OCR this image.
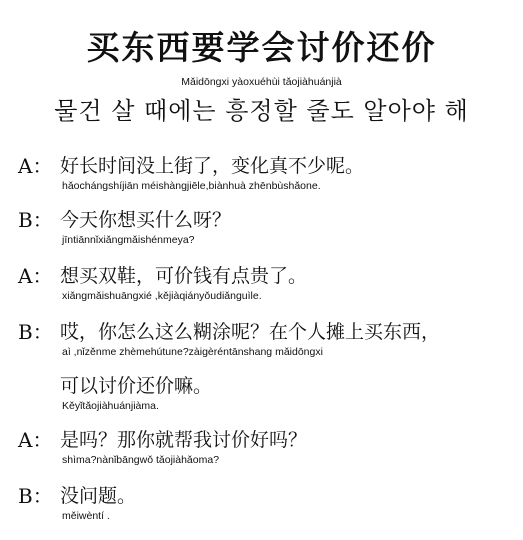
买东西要学会讨价还价
Mǎidōngxi yàoxuéhùi tǎojiàhuánjià
물건 살 때에는 흥정할 줄도 알아야 해
A： 好长时间没上街了，变化真不少呢。
hǎochángshíjiān méishàngjiēle,biànhuà zhēnbùshǎone.
B： 今天你想买什么呀？
jīntiānnǐxiǎngmǎishénmeya?
A： 想买双鞋，可价钱有点贵了。
xiǎngmǎishuāngxié ,kějiàqiányǒudiǎnguìle.
B： 哎，你怎么这么糊涂呢？在个人摊上买东西，
aì ,nǐzěnme zhèmehútune?zàigèréntānshang mǎidōngxi
可以讨价还价嘛。
Kěyǐtǎojiàhuánjiàma.
A： 是吗？那你就帮我讨价好吗？
shìma?nànǐbāngwǒ tǎojiàhǎoma?
B： 没问题。
měiwèntí .
